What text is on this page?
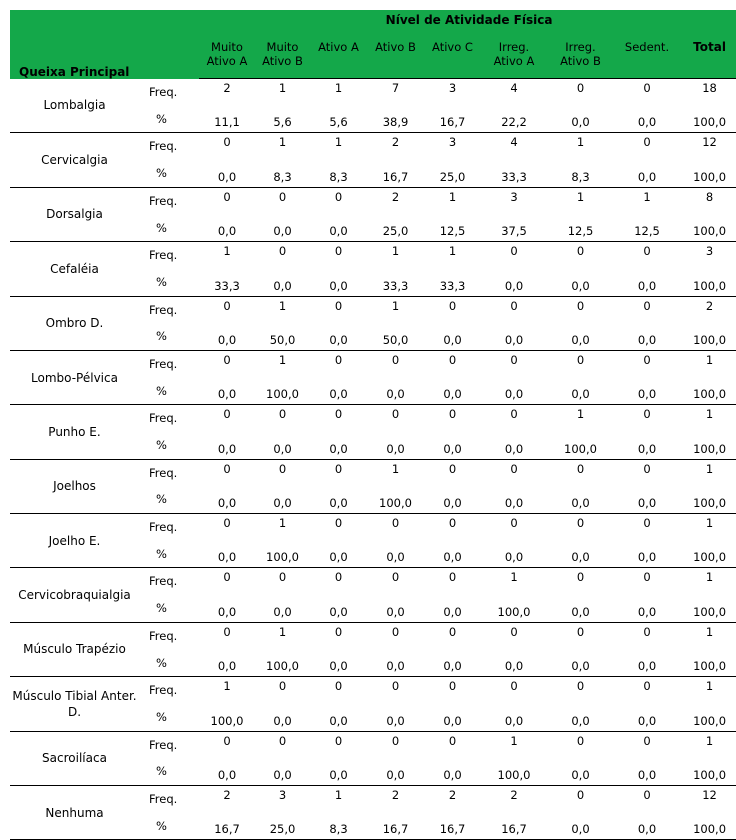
		Nível de Atividade Física								
Queixa Principal		Muito	Muito	Ativo A	Ativo B	Ativo C	Irreg.	Irreg.	Sedent.	Total
		Ativo A	Ativo B				Ativo A	Ativo B		
Lombalgia	Freq.	2	1	1	7	3	4	0	0	18
	%	11,1	5,6	5,6	38,9	16,7	22,2	0,0	0,0	100,0
Cervicalgia	Freq.	0	1	1	2	3	4	1	0	12
	%	0,0	8,3	8,3	16,7	25,0	33,3	8,3	0,0	100,0
Dorsalgia	Freq.	0	0	0	2	1	3	1	1	8
	%	0,0	0,0	0,0	25,0	12,5	37,5	12,5	12,5	100,0
Cefaléia	Freq.	1	0	0	1	1	0	0	0	3
	%	33,3	0,0	0,0	33,3	33,3	0,0	0,0	0,0	100,0
Ombro D.	Freq.	0	1	0	1	0	0	0	0	2
	%	0,0	50,0	0,0	50,0	0,0	0,0	0,0	0,0	100,0
Lombo-Pélvica	Freq.	0	1	0	0	0	0	0	0	1
	%	0,0	100,0	0,0	0,0	0,0	0,0	0,0	0,0	100,0
Punho E.	Freq.	0	0	0	0	0	0	1	0	1
	%	0,0	0,0	0,0	0,0	0,0	0,0	100,0	0,0	100,0
Joelhos	Freq.	0	0	0	1	0	0	0	0	1
	%	0,0	0,0	0,0	100,0	0,0	0,0	0,0	0,0	100,0
Joelho E.	Freq.	0	1	0	0	0	0	0	0	1
	%	0,0	100,0	0,0	0,0	0,0	0,0	0,0	0,0	100,0
Cervicobraquialgia	Freq.	0	0	0	0	0	1	0	0	1
	%	0,0	0,0	0,0	0,0	0,0	100,0	0,0	0,0	100,0
Músculo Trapézio	Freq.	0	1	0	0	0	0	0	0	1
	%	0,0	100,0	0,0	0,0	0,0	0,0	0,0	0,0	100,0
Músculo Tibial Anter. D.	Freq.	1	0	0	0	0	0	0	0	1
	%	100,0	0,0	0,0	0,0	0,0	0,0	0,0	0,0	100,0
Sacroilíaca	Freq.	0	0	0	0	0	1	0	0	1
	%	0,0	0,0	0,0	0,0	0,0	100,0	0,0	0,0	100,0
Nenhuma	Freq.	2	3	1	2	2	2	0	0	12
	%	16,7	25,0	8,3	16,7	16,7	16,7	0,0	0,0	100,0
